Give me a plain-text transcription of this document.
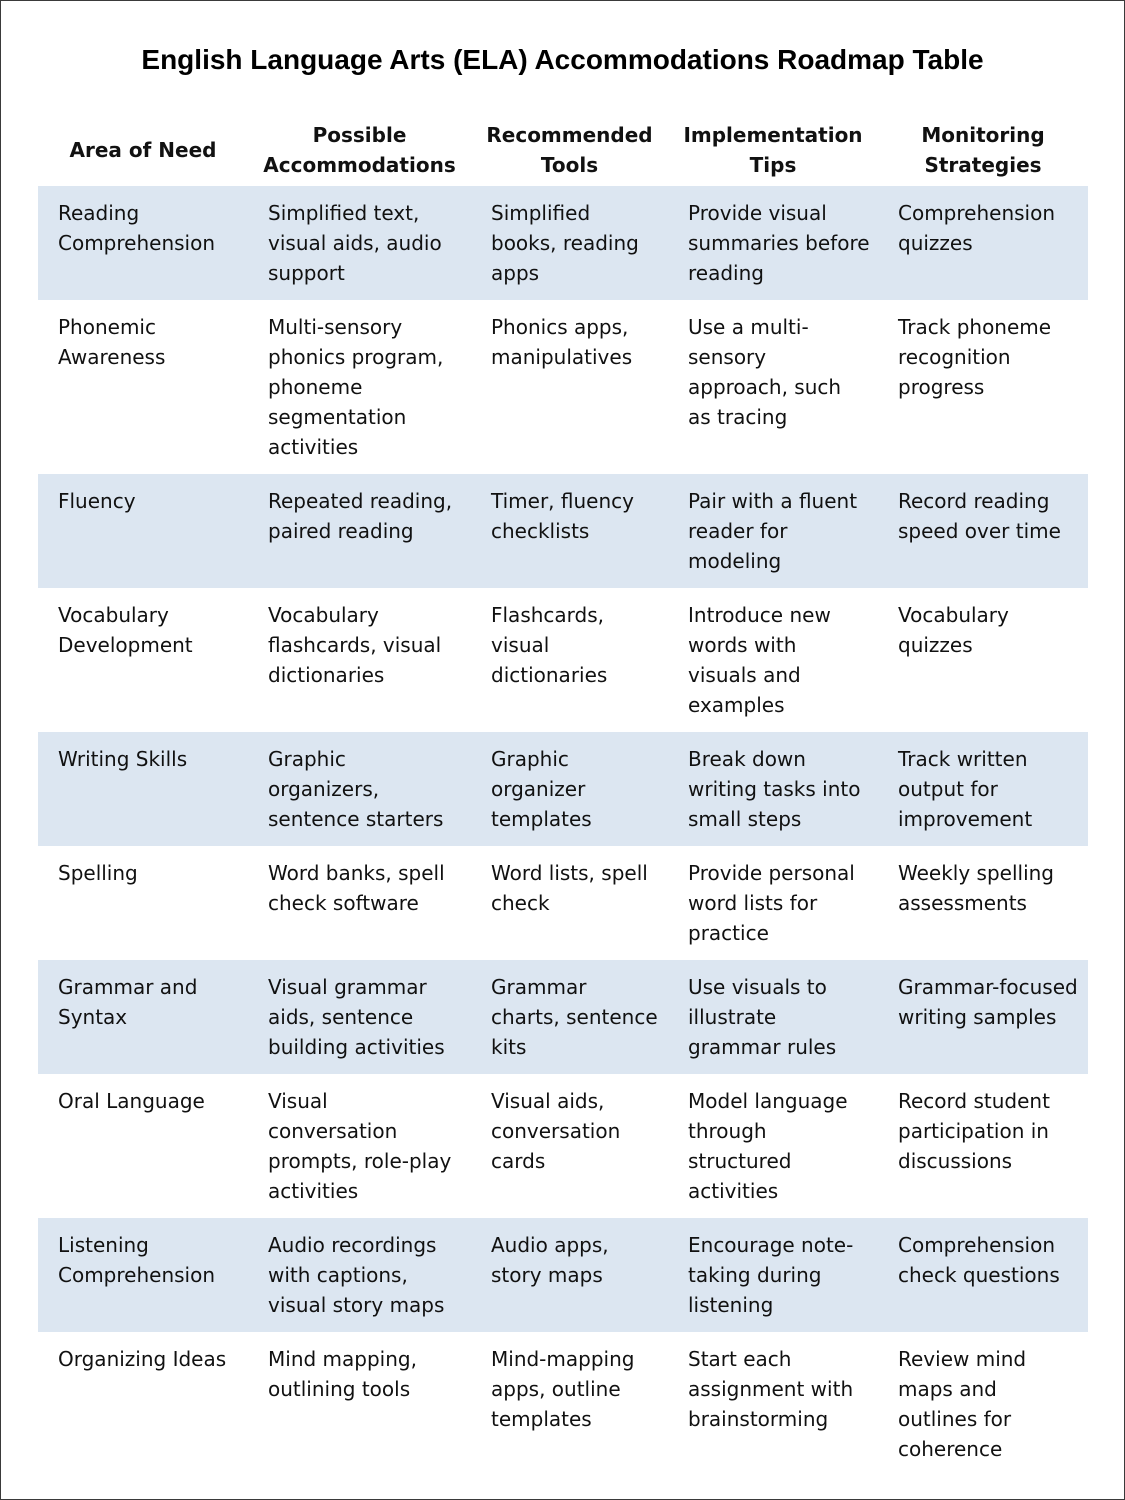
English Language Arts (ELA) Accommodations Roadmap Table
Area of Need	Possible Accommodations	Recommended Tools	Implementation Tips	Monitoring Strategies
Reading Comprehension	Simplified text, visual aids, audio support	Simplified books, reading apps	Provide visual summaries before reading	Comprehension quizzes
Phonemic Awareness	Multi-sensory phonics program, phoneme segmentation activities	Phonics apps, manipulatives	Use a multi-sensory approach, such as tracing	Track phoneme recognition progress
Fluency	Repeated reading, paired reading	Timer, fluency checklists	Pair with a fluent reader for modeling	Record reading speed over time
Vocabulary Development	Vocabulary flashcards, visual dictionaries	Flashcards, visual dictionaries	Introduce new words with visuals and examples	Vocabulary quizzes
Writing Skills	Graphic organizers, sentence starters	Graphic organizer templates	Break down writing tasks into small steps	Track written output for improvement
Spelling	Word banks, spell check software	Word lists, spell check	Provide personal word lists for practice	Weekly spelling assessments
Grammar and Syntax	Visual grammar aids, sentence building activities	Grammar charts, sentence kits	Use visuals to illustrate grammar rules	Grammar-focused writing samples
Oral Language	Visual conversation prompts, role-play activities	Visual aids, conversation cards	Model language through structured activities	Record student participation in discussions
Listening Comprehension	Audio recordings with captions, visual story maps	Audio apps, story maps	Encourage note-taking during listening	Comprehension check questions
Organizing Ideas	Mind mapping, outlining tools	Mind-mapping apps, outline templates	Start each assignment with brainstorming	Review mind maps and outlines for coherence
